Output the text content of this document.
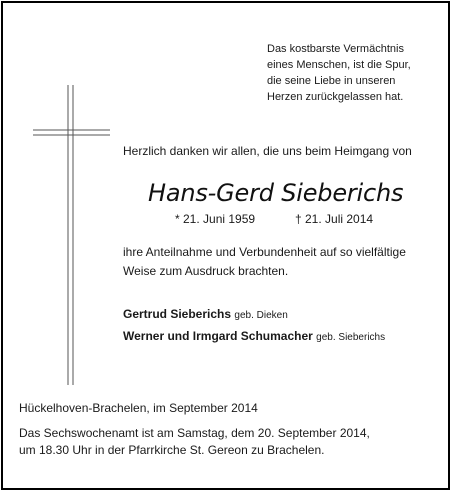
Das kostbarste Vermächtnis
eines Menschen, ist die Spur,
die seine Liebe in unseren
Herzen zurückgelassen hat.
Herzlich danken wir allen, die uns beim Heimgang von
Hans-Gerd Sieberichs
* 21. Juni 1959	† 21. Juli 2014
ihre Anteilnahme und Verbundenheit auf so vielfältige
Weise zum Ausdruck brachten.
Gertrud Sieberichs geb. Dieken
Werner und Irmgard Schumacher geb. Sieberichs
Hückelhoven-Brachelen, im September 2014
Das Sechswochenamt ist am Samstag, dem 20. September 2014,
um 18.30 Uhr in der Pfarrkirche St. Gereon zu Brachelen.
